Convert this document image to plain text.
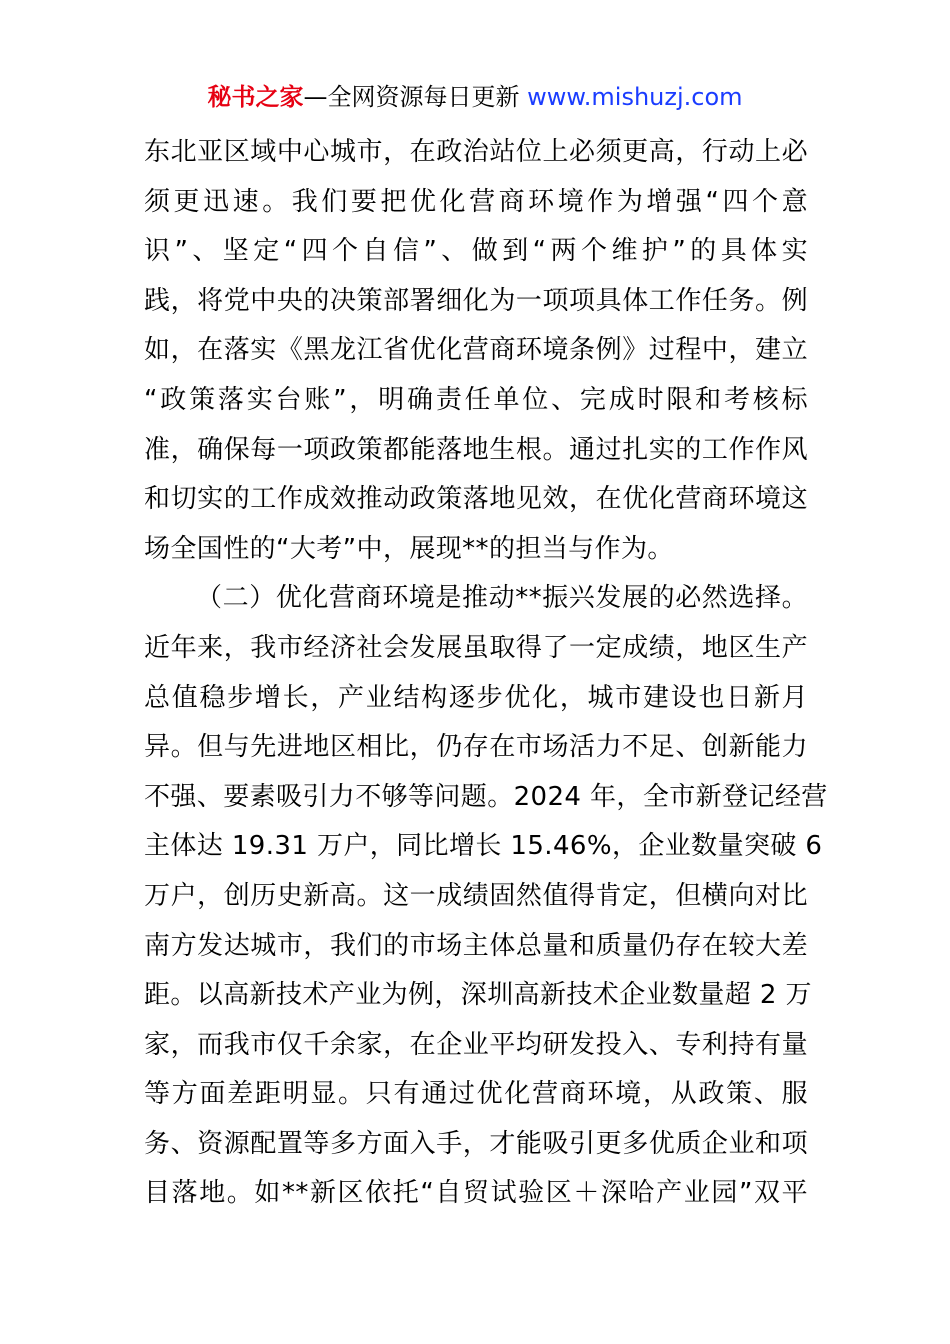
秘书之家—全网资源每日更新 www.mishuzj.com
东北亚区域中心城市，在政治站位上必须更高，行动上必
须更迅速。我们要把优化营商环境作为增强“四个意
识”、坚定“四个自信”、做到“两个维护”的具体实
践，将党中央的决策部署细化为一项项具体工作任务。例
如，在落实《黑龙江省优化营商环境条例》过程中，建立
“政策落实台账”，明确责任单位、完成时限和考核标
准，确保每一项政策都能落地生根。通过扎实的工作作风
和切实的工作成效推动政策落地见效，在优化营商环境这
场全国性的“大考”中，展现**的担当与作为。
（二）优化营商环境是推动**振兴发展的必然选择。
近年来，我市经济社会发展虽取得了一定成绩，地区生产
总值稳步增长，产业结构逐步优化，城市建设也日新月
异。但与先进地区相比，仍存在市场活力不足、创新能力
不强、要素吸引力不够等问题。2024 年，全市新登记经营
主体达 19.31 万户，同比增长 15.46%，企业数量突破 6
万户，创历史新高。这一成绩固然值得肯定，但横向对比
南方发达城市，我们的市场主体总量和质量仍存在较大差
距。以高新技术产业为例，深圳高新技术企业数量超 2 万
家，而我市仅千余家，在企业平均研发投入、专利持有量
等方面差距明显。只有通过优化营商环境，从政策、服
务、资源配置等多方面入手，才能吸引更多优质企业和项
目落地。如**新区依托“自贸试验区＋深哈产业园”双平
